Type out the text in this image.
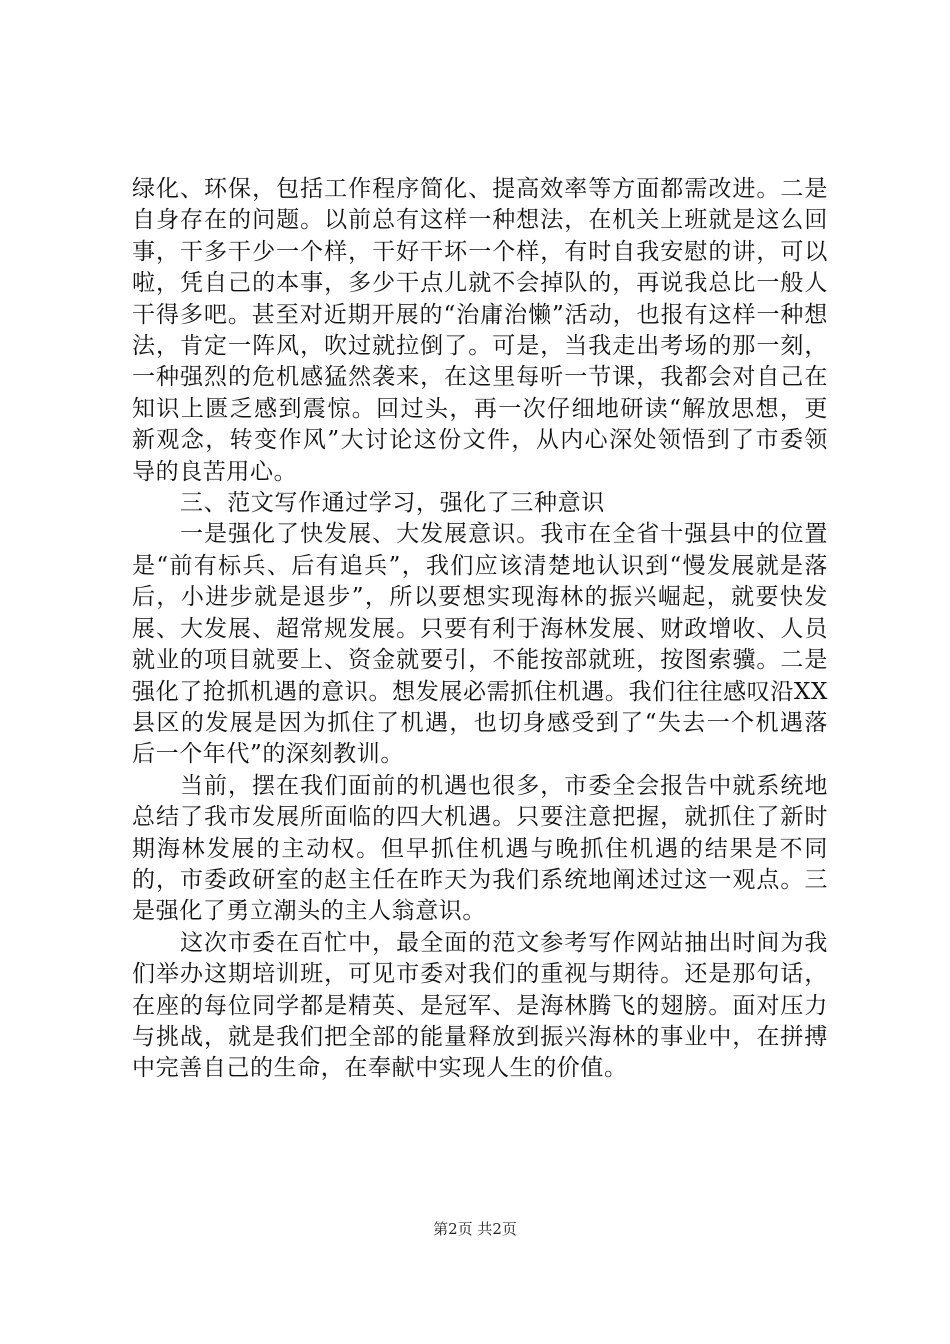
绿化、环保，包括工作程序简化、提高效率等方面都需改进。二是自身存在的问题。以前总有这样一种想法，在机关上班就是这么回事，干多干少一个样，干好干坏一个样，有时自我安慰的讲，可以啦，凭自己的本事，多少干点儿就不会掉队的，再说我总比一般人干得多吧。甚至对近期开展的“治庸治懒”活动，也报有这样一种想法，肯定一阵风，吹过就拉倒了。可是，当我走出考场的那一刻，一种强烈的危机感猛然袭来，在这里每听一节课，我都会对自己在知识上匮乏感到震惊。回过头，再一次仔细地研读“解放思想，更新观念，转变作风”大讨论这份文件，从内心深处领悟到了市委领导的良苦用心。

三、范文写作通过学习，强化了三种意识

一是强化了快发展、大发展意识。我市在全省十强县中的位置是“前有标兵、后有追兵”，我们应该清楚地认识到“慢发展就是落后，小进步就是退步”，所以要想实现海林的振兴崛起，就要快发展、大发展、超常规发展。只要有利于海林发展、财政增收、人员就业的项目就要上、资金就要引，不能按部就班，按图索骥。二是强化了抢抓机遇的意识。想发展必需抓住机遇。我们往往感叹沿XX县区的发展是因为抓住了机遇，也切身感受到了“失去一个机遇落后一个年代”的深刻教训。

当前，摆在我们面前的机遇也很多，市委全会报告中就系统地总结了我市发展所面临的四大机遇。只要注意把握，就抓住了新时期海林发展的主动权。但早抓住机遇与晚抓住机遇的结果是不同的，市委政研室的赵主任在昨天为我们系统地阐述过这一观点。三是强化了勇立潮头的主人翁意识。

这次市委在百忙中，最全面的范文参考写作网站抽出时间为我们举办这期培训班，可见市委对我们的重视与期待。还是那句话，在座的每位同学都是精英、是冠军、是海林腾飞的翅膀。面对压力与挑战，就是我们把全部的能量释放到振兴海林的事业中，在拼搏中完善自己的生命，在奉献中实现人生的价值。

第2页 共2页
